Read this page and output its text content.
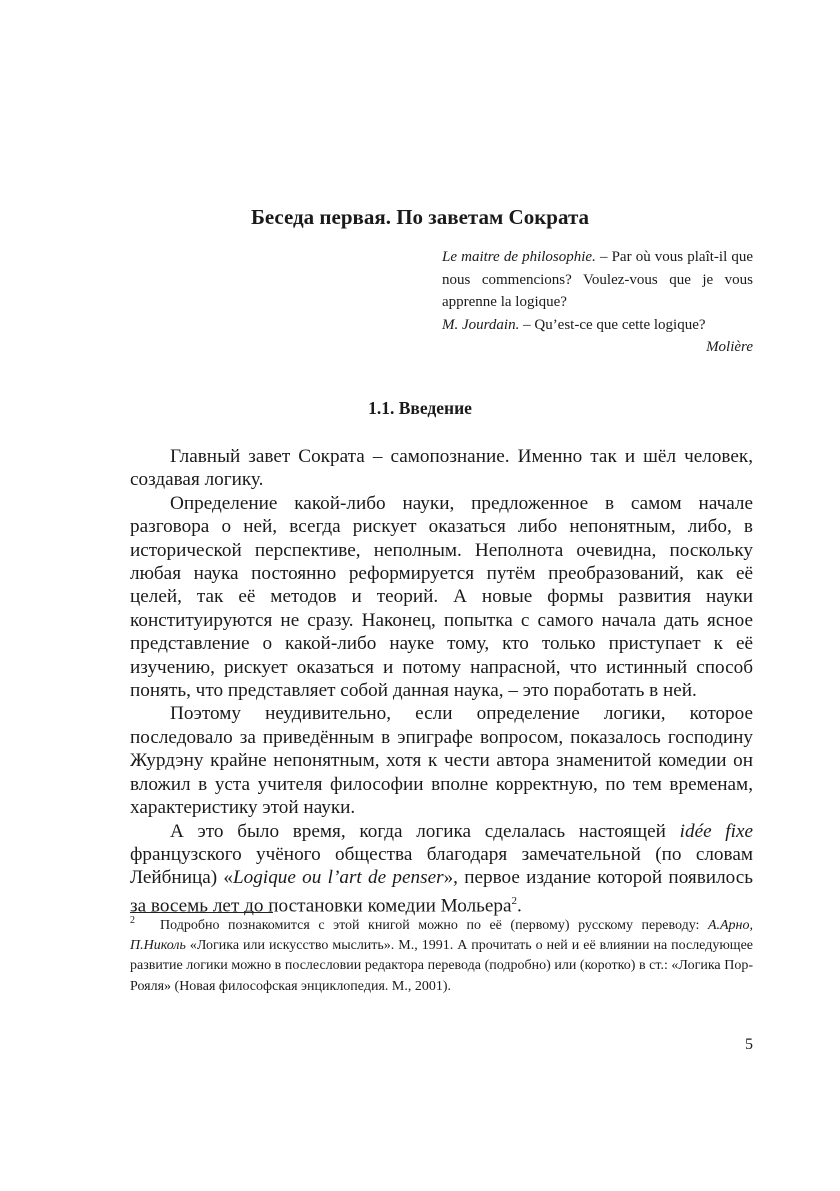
Беседа первая. По заветам Сократа

Le maitre de philosophie. – Par où vous plaît-il que nous commencions? Voulez-vous que je vous apprenne la logique?

M. Jourdain. – Qu’est-ce que cette logique?

Molière

1.1. Введение

Главный завет Сократа – самопознание. Именно так и шёл человек, создавая логику.

Определение какой-либо науки, предложенное в самом начале разговора о ней, всегда рискует оказаться либо непонятным, либо, в исторической перспективе, неполным. Неполнота очевидна, поскольку любая наука постоянно реформируется путём преобразований, как её целей, так её методов и теорий. А новые формы развития науки конституируются не сразу. Наконец, попытка с самого начала дать ясное представление о какой-либо науке тому, кто только приступает к её изучению, рискует оказаться и потому напрасной, что истинный способ понять, что представляет собой данная наука, – это поработать в ней.

Поэтому неудивительно, если определение логики, которое последовало за приведённым в эпиграфе вопросом, показалось господину Журдэну крайне непонятным, хотя к чести автора знаменитой комедии он вложил в уста учителя философии вполне корректную, по тем временам, характеристику этой науки.

А это было время, когда логика сделалась настоящей idée fixe французского учёного общества благодаря замечательной (по словам Лейбница) «Logique ou l’art de penser», первое издание которой появилось за восемь лет до постановки комедии Мольера$^2$.

2 Подробно познакомится с этой книгой можно по её (первому) русскому переводу: А.Арно, П.Николь «Логика или искусство мыслить». М., 1991. А прочитать о ней и её влиянии на последующее развитие логики можно в послесловии редактора перевода (подробно) или (коротко) в ст.: «Логика Пор-Рояля» (Новая философская энциклопедия. М., 2001).

5
